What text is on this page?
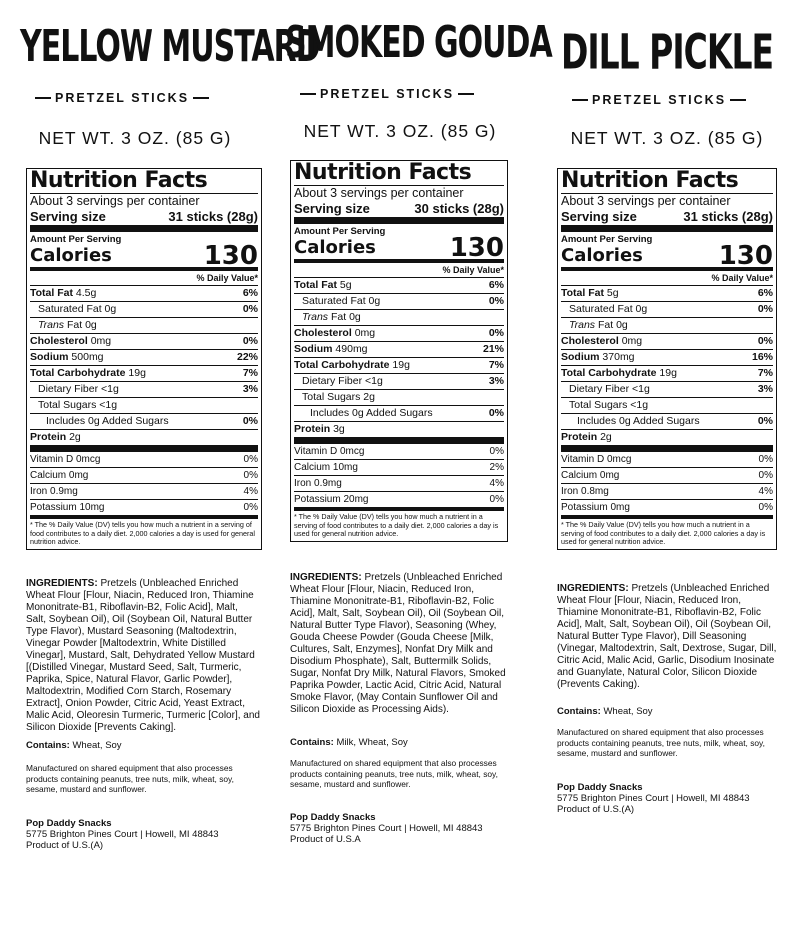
YELLOW MUSTARD
PRETZEL STICKS
NET WT. 3 OZ. (85 G)
Nutrition Facts
About 3 servings per container
Serving size	31 sticks (28g)
Amount Per Serving
Calories	130
% Daily Value*
Total Fat 4.5g	6%
Saturated Fat 0g	0%
Trans Fat 0g
Cholesterol 0mg	0%
Sodium 500mg	22%
Total Carbohydrate 19g	7%
Dietary Fiber <1g	3%
Total Sugars <1g
Includes 0g Added Sugars	0%
Protein 2g
Vitamin D 0mcg	0%
Calcium 0mg	0%
Iron 0.9mg	4%
Potassium 10mg	0%
* The % Daily Value (DV) tells you how much a nutrient in a serving of food contributes to a daily diet. 2,000 calories a day is used for general nutrition advice.
INGREDIENTS: Pretzels (Unbleached Enriched Wheat Flour [Flour, Niacin, Reduced Iron, Thiamine Mononitrate-B1, Riboflavin-B2, Folic Acid], Malt, Salt, Soybean Oil), Oil (Soybean Oil, Natural Butter Type Flavor), Mustard Seasoning (Maltodextrin, Vinegar Powder [Maltodextrin, White Distilled Vinegar], Mustard, Salt, Dehydrated Yellow Mustard [(Distilled Vinegar, Mustard Seed, Salt, Turmeric, Paprika, Spice, Natural Flavor, Garlic Powder], Maltodextrin, Modified Corn Starch, Rosemary Extract], Onion Powder, Citric Acid, Yeast Extract, Malic Acid, Oleoresin Turmeric, Turmeric [Color], and Silicon Dioxide [Prevents Caking].
Contains: Wheat, Soy
Manufactured on shared equipment that also processes products containing peanuts, tree nuts, milk, wheat, soy, sesame, mustard and sunflower.
Pop Daddy Snacks
5775 Brighton Pines Court | Howell, MI 48843
Product of U.S.(A)
SMOKED GOUDA
PRETZEL STICKS
NET WT. 3 OZ. (85 G)
Nutrition Facts
About 3 servings per container
Serving size	30 sticks (28g)
Amount Per Serving
Calories	130
% Daily Value*
Total Fat 5g	6%
Saturated Fat 0g	0%
Trans Fat 0g
Cholesterol 0mg	0%
Sodium 490mg	21%
Total Carbohydrate 19g	7%
Dietary Fiber <1g	3%
Total Sugars 2g
Includes 0g Added Sugars	0%
Protein 3g
Vitamin D 0mcg	0%
Calcium 10mg	2%
Iron 0.9mg	4%
Potassium 20mg	0%
* The % Daily Value (DV) tells you how much a nutrient in a serving of food contributes to a daily diet. 2,000 calories a day is used for general nutrition advice.
INGREDIENTS: Pretzels (Unbleached Enriched Wheat Flour [Flour, Niacin, Reduced Iron, Thiamine Mononitrate-B1, Riboflavin-B2, Folic Acid], Malt, Salt, Soybean Oil), Oil (Soybean Oil, Natural Butter Type Flavor), Seasoning (Whey, Gouda Cheese Powder (Gouda Cheese [Milk, Cultures, Salt, Enzymes], Nonfat Dry Milk and Disodium Phosphate), Salt, Buttermilk Solids, Sugar, Nonfat Dry Milk, Natural Flavors, Smoked Paprika Powder, Lactic Acid, Citric Acid, Natural Smoke Flavor, (May Contain Sunflower Oil and Silicon Dioxide as Processing Aids).
Contains: Milk, Wheat, Soy
Manufactured on shared equipment that also processes products containing peanuts, tree nuts, milk, wheat, soy, sesame, mustard and sunflower.
Pop Daddy Snacks
5775 Brighton Pines Court | Howell, MI 48843
Product of U.S.A
DILL PICKLE
PRETZEL STICKS
NET WT. 3 OZ. (85 G)
Nutrition Facts
About 3 servings per container
Serving size	31 sticks (28g)
Amount Per Serving
Calories	130
% Daily Value*
Total Fat 5g	6%
Saturated Fat 0g	0%
Trans Fat 0g
Cholesterol 0mg	0%
Sodium 370mg	16%
Total Carbohydrate 19g	7%
Dietary Fiber <1g	3%
Total Sugars <1g
Includes 0g Added Sugars	0%
Protein 2g
Vitamin D 0mcg	0%
Calcium 0mg	0%
Iron 0.8mg	4%
Potassium 0mg	0%
* The % Daily Value (DV) tells you how much a nutrient in a serving of food contributes to a daily diet. 2,000 calories a day is used for general nutrition advice.
INGREDIENTS: Pretzels (Unbleached Enriched Wheat Flour [Flour, Niacin, Reduced Iron, Thiamine Mononitrate-B1, Riboflavin-B2, Folic Acid], Malt, Salt, Soybean Oil), Oil (Soybean Oil, Natural Butter Type Flavor), Dill Seasoning (Vinegar, Maltodextrin, Salt, Dextrose, Sugar, Dill, Citric Acid, Malic Acid, Garlic, Disodium Inosinate and Guanylate, Natural Color, Silicon Dioxide (Prevents Caking).
Contains: Wheat, Soy
Manufactured on shared equipment that also processes products containing peanuts, tree nuts, milk, wheat, soy, sesame, mustard and sunflower.
Pop Daddy Snacks
5775 Brighton Pines Court | Howell, MI 48843
Product of U.S.(A)
